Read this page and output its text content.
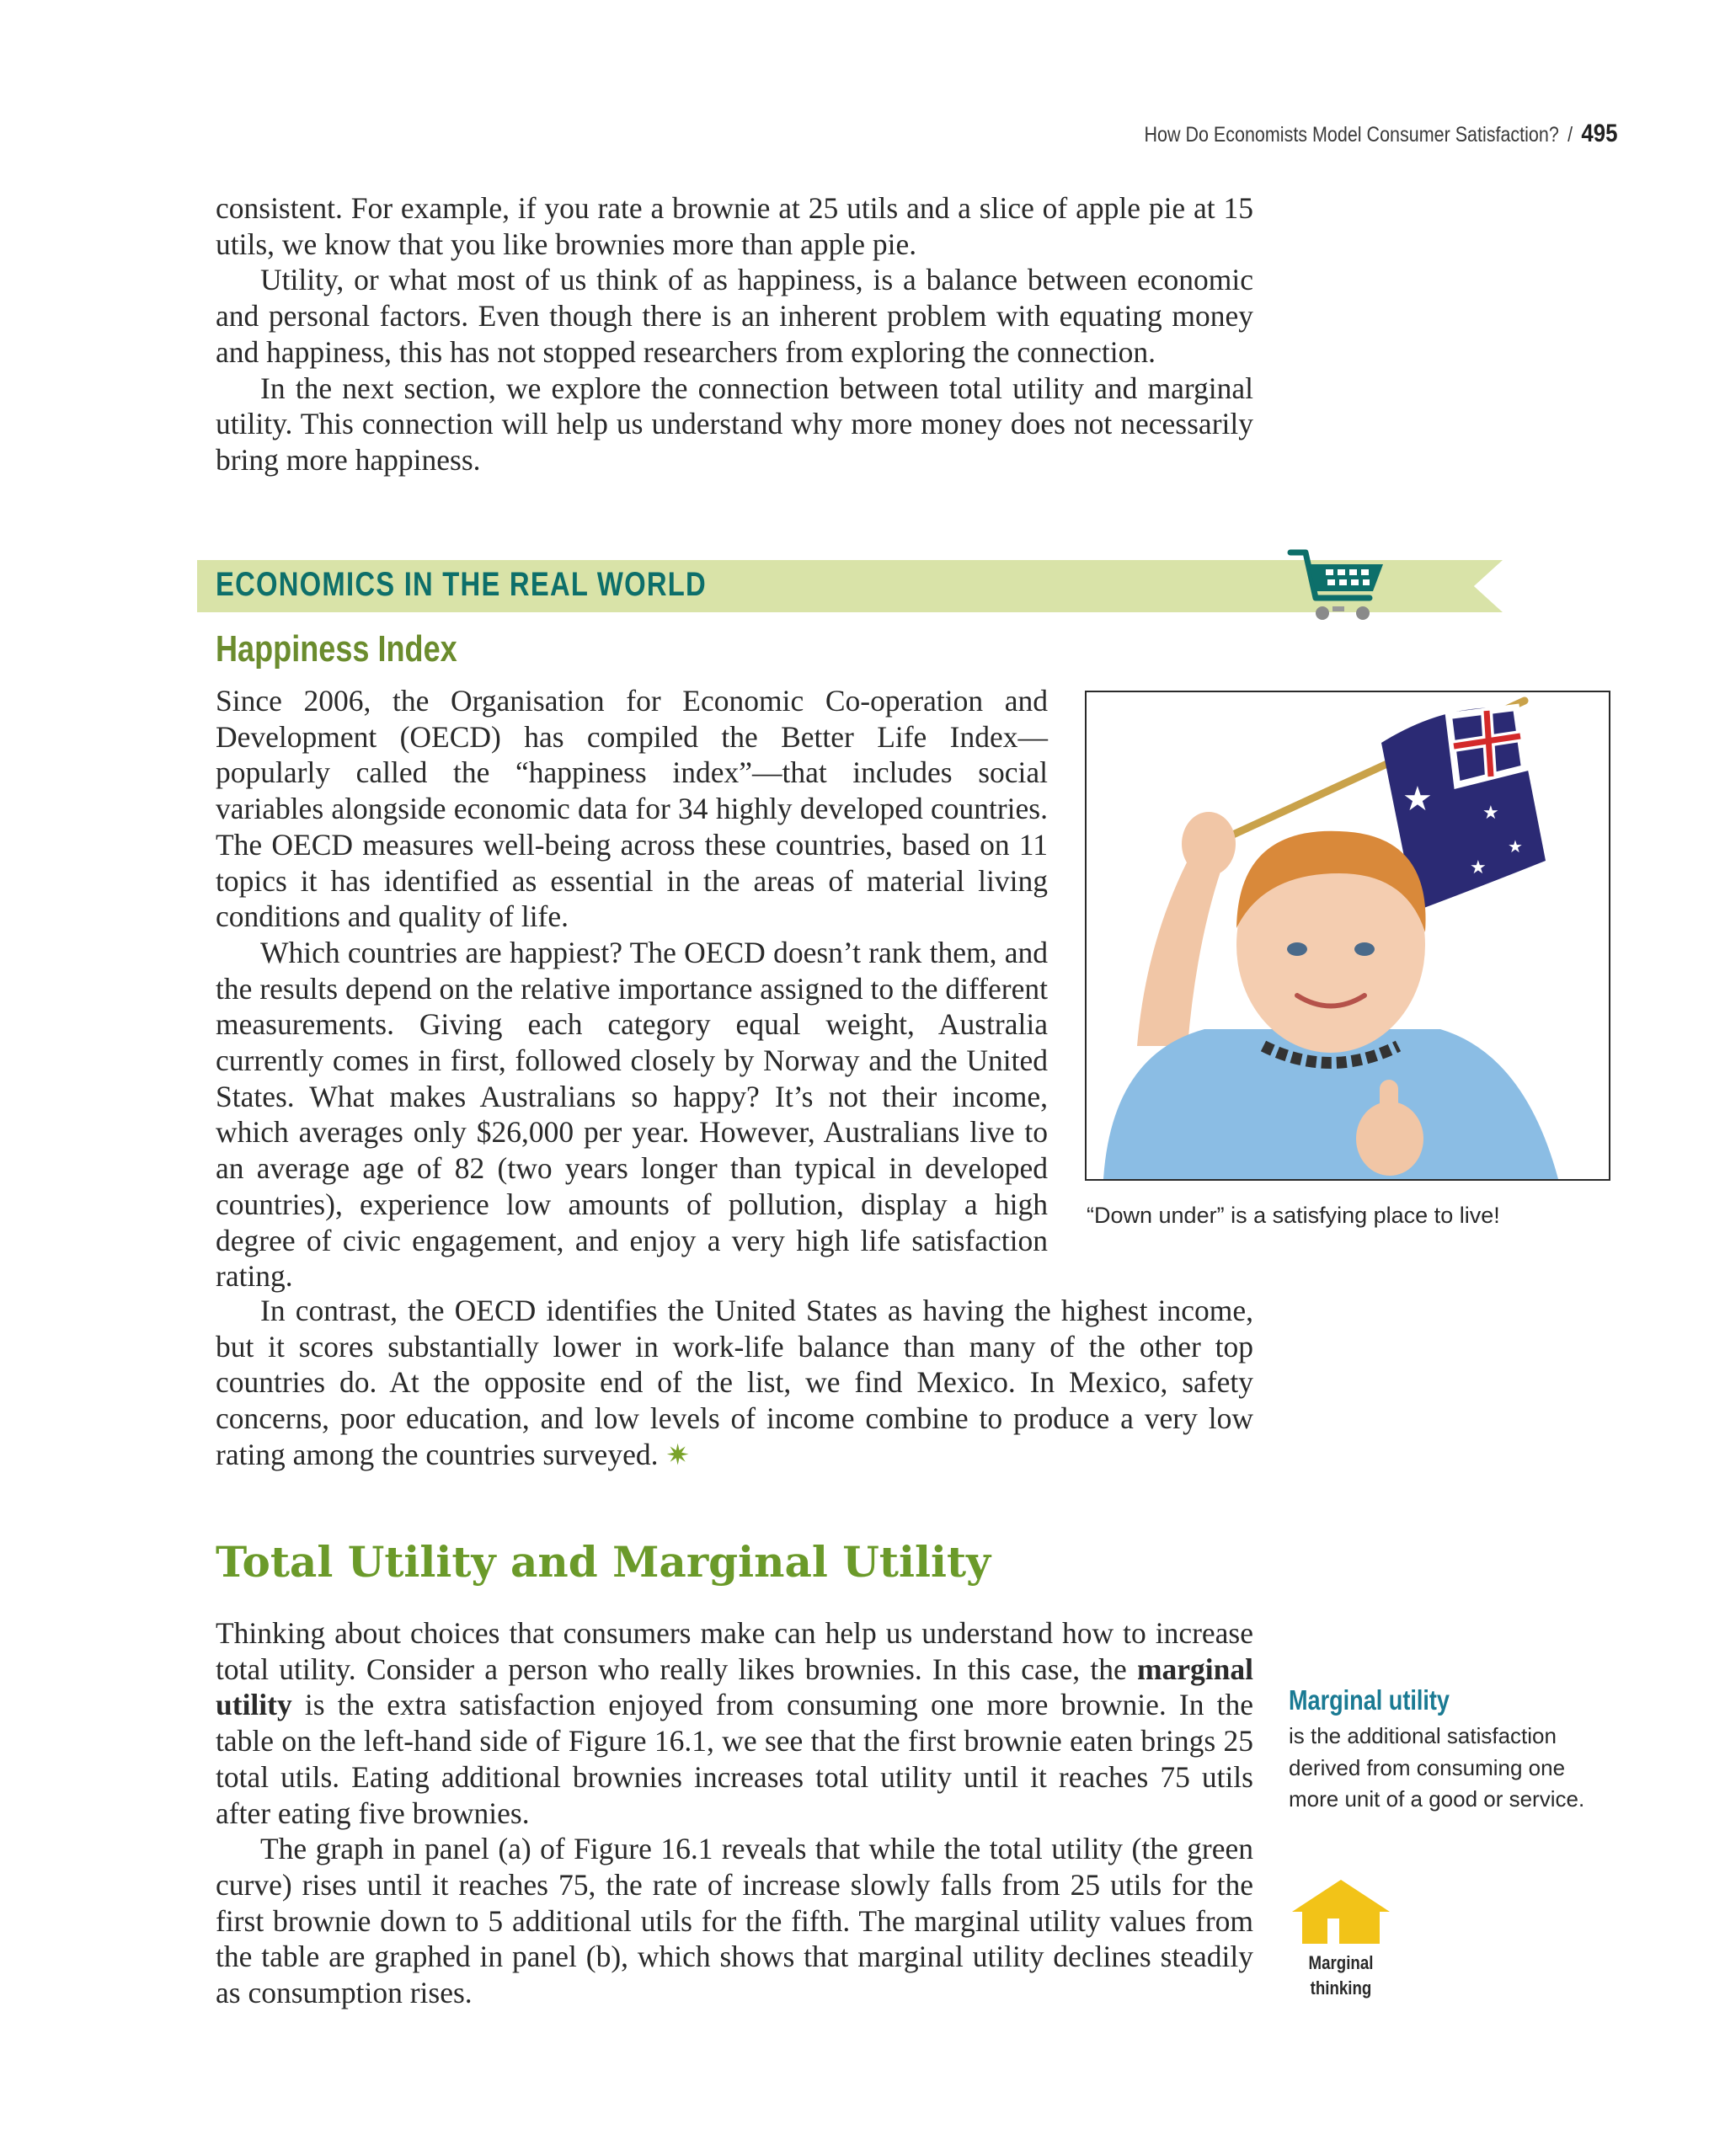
How Do Economists Model Consumer Satisfaction? / 495

consistent. For example, if you rate a brownie at 25 utils and a slice of apple pie at 15 utils, we know that you like brownies more than apple pie.

Utility, or what most of us think of as happiness, is a balance between economic and personal factors. Even though there is an inherent problem with equating money and happiness, this has not stopped researchers from exploring the connection.

In the next section, we explore the connection between total utility and marginal utility. This connection will help us understand why more money does not necessarily bring more happiness.

ECONOMICS IN THE REAL WORLD
Happiness Index

Since 2006, the Organisation for Economic Co-operation and Development (OECD) has compiled the Better Life Index—popularly called the “happiness index”—that includes social variables alongside economic data for 34 highly developed countries. The OECD measures well-being across these countries, based on 11 topics it has identified as essential in the areas of material living conditions and quality of life.

Which countries are happiest? The OECD doesn’t rank them, and the results depend on the relative importance assigned to the different measurements. Giving each category equal weight, Australia currently comes in first, followed closely by Norway and the United States. What makes Australians so happy? It’s not their income, which averages only $26,000 per year. However, Australians live to an average age of 82 (two years longer than typical in developed countries), experience low amounts of pollution, display a high degree of civic engagement, and enjoy a very high life satisfaction rating.

★	★
★
★
★
“Down under” is a satisfying place to live!

In contrast, the OECD identifies the United States as having the highest income, but it scores substantially lower in work-life balance than many of the other top countries do. At the opposite end of the list, we find Mexico. In Mexico, safety concerns, poor education, and low levels of income combine to produce a very low rating among the countries surveyed. ✷

Total Utility and Marginal Utility

Thinking about choices that consumers make can help us understand how to increase total utility. Consider a person who really likes brownies. In this case, the marginal utility is the extra satisfaction enjoyed from consuming one more brownie. In the table on the left-hand side of Figure 16.1, we see that the first brownie eaten brings 25 total utils. Eating additional brownies increases total utility until it reaches 75 utils after eating five brownies.

The graph in panel (a) of Figure 16.1 reveals that while the total utility (the green curve) rises until it reaches 75, the rate of increase slowly falls from 25 utils for the first brownie down to 5 additional utils for the fifth. The marginal utility values from the table are graphed in panel (b), which shows that marginal utility declines steadily as consumption rises.

Marginal utility

is the additional satisfaction derived from consuming one more unit of a good or service.

Marginal
thinking
